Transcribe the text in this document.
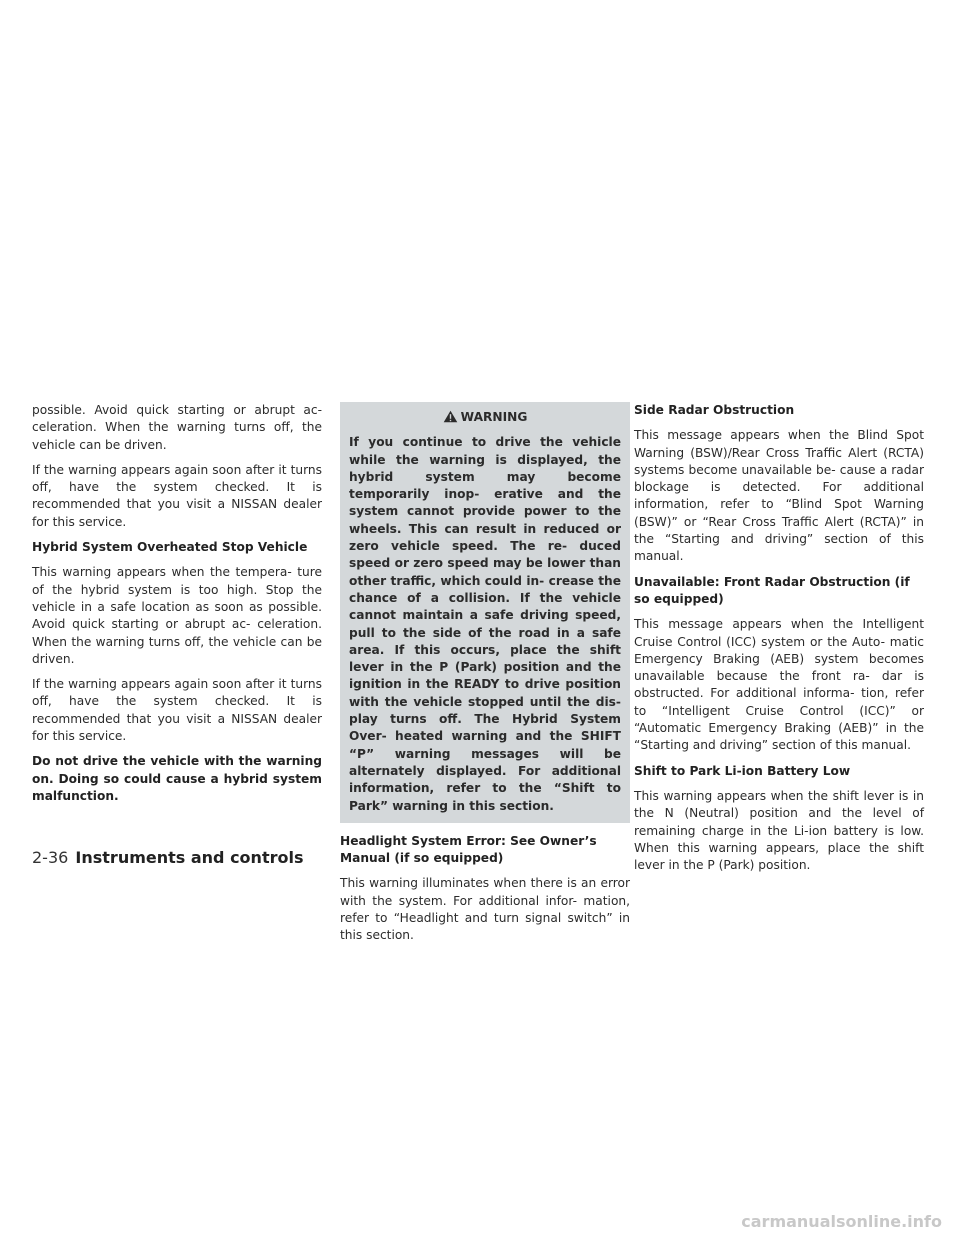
possible. Avoid quick starting or abrupt ac- celeration. When the warning turns off, the vehicle can be driven.

If the warning appears again soon after it turns off, have the system checked. It is recommended that you visit a NISSAN dealer for this service.

Hybrid System Overheated Stop Vehicle

This warning appears when the tempera- ture of the hybrid system is too high. Stop the vehicle in a safe location as soon as possible. Avoid quick starting or abrupt ac- celeration. When the warning turns off, the vehicle can be driven.

If the warning appears again soon after it turns off, have the system checked. It is recommended that you visit a NISSAN dealer for this service.

Do not drive the vehicle with the warning on. Doing so could cause a hybrid system malfunction.

WARNING

If you continue to drive the vehicle while the warning is displayed, the hybrid system may become temporarily inop- erative and the system cannot provide power to the wheels. This can result in reduced or zero vehicle speed. The re- duced speed or zero speed may be lower than other traffic, which could in- crease the chance of a collision. If the vehicle cannot maintain a safe driving speed, pull to the side of the road in a safe area. If this occurs, place the shift lever in the P (Park) position and the ignition in the READY to drive position with the vehicle stopped until the dis- play turns off. The Hybrid System Over- heated warning and the SHIFT “P” warning messages will be alternately displayed. For additional information, refer to the “Shift to Park” warning in this section.

Headlight System Error: See Owner’s Manual (if so equipped)

This warning illuminates when there is an error with the system. For additional infor- mation, refer to “Headlight and turn signal switch” in this section.

Side Radar Obstruction

This message appears when the Blind Spot Warning (BSW)/Rear Cross Traffic Alert (RCTA) systems become unavailable be- cause a radar blockage is detected. For additional information, refer to “Blind Spot Warning (BSW)” or “Rear Cross Traffic Alert (RCTA)” in the “Starting and driving” section of this manual.

Unavailable: Front Radar Obstruction (if so equipped)

This message appears when the Intelligent Cruise Control (ICC) system or the Auto- matic Emergency Braking (AEB) system becomes unavailable because the front ra- dar is obstructed. For additional informa- tion, refer to “Intelligent Cruise Control (ICC)” or “Automatic Emergency Braking (AEB)” in the “Starting and driving” section of this manual.

Shift to Park Li-ion Battery Low

This warning appears when the shift lever is in the N (Neutral) position and the level of remaining charge in the Li-ion battery is low. When this warning appears, place the shift lever in the P (Park) position.

2-36 Instruments and controls
carmanualsonline.info
